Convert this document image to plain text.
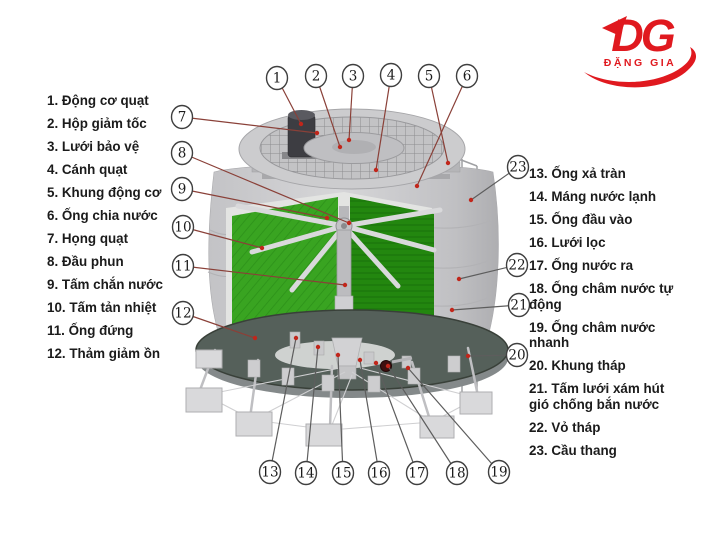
1 2 3 4 5 6
7
8
9
10
11
12
13 14 15 16 17 18 19
20
21
22
23
1. Động cơ quạt
2. Hộp giảm tốc
3. Lưới bảo vệ
4. Cánh quạt
5. Khung động cơ
6. Ống chia nước
7. Họng quạt
8. Đầu phun
9. Tấm chắn nước
10. Tấm tản nhiệt
11. Ống đứng
12. Thảm giảm ồn
13. Ống xả tràn
14. Máng nước lạnh
15. Ống đầu vào
16. Lưới lọc
17. Ống nước ra
18. Ống châm nước tự động
19. Ống châm nước nhanh
20. Khung tháp
21. Tấm lưới xám hút gió chống bắn nước
22. Vỏ tháp
23. Cầu thang
DG
ĐẶNG GIA
